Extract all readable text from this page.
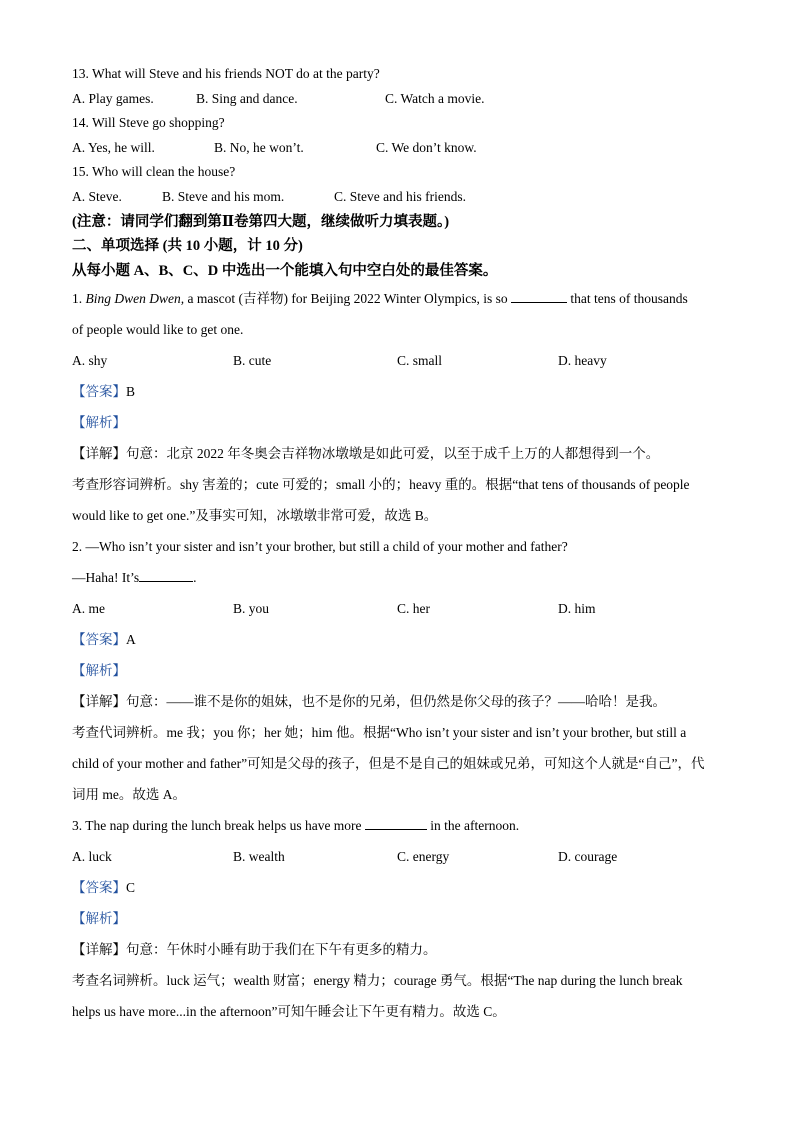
13. What will Steve and his friends NOT do at the party?
A. Play games.	B. Sing and dance.	C. Watch a movie.
14. Will Steve go shopping?
A. Yes, he will.	B. No, he won’t.	C. We don’t know.
15. Who will clean the house?
A. Steve.	B. Steve and his mom.	C. Steve and his friends.
(注意：请同学们翻到第Ⅱ卷第四大题，继续做听力填表题。)
二、单项选择 (共 10 小题，计 10 分)
从每小题 A、B、C、D 中选出一个能填入句中空白处的最佳答案。
1. Bing Dwen Dwen, a mascot (吉祥物) for Beijing 2022 Winter Olympics, is so	that tens of thousands
of people would like to get one.
A. shy	B. cute	C. small	D. heavy
【答案】B
【解析】
【详解】句意：北京 2022 年冬奥会吉祥物冰墩墩是如此可爱，以至于成千上万的人都想得到一个。
考查形容词辨析。shy 害羞的；cute 可爱的；small 小的；heavy 重的。根据“that tens of thousands of people
would like to get one.”及事实可知，冰墩墩非常可爱，故选 B。
2. —Who isn’t your sister and isn’t your brother, but still a child of your mother and father?
—Haha! It’s	.
A. me	B. you	C. her	D. him
【答案】A
【解析】
【详解】句意：——谁不是你的姐妹，也不是你的兄弟，但仍然是你父母的孩子？——哈哈！是我。
考查代词辨析。me 我；you 你；her 她；him 他。根据“Who isn’t your sister and isn’t your brother, but still a
child of your mother and father”可知是父母的孩子，但是不是自己的姐妹或兄弟，可知这个人就是“自己”，代
词用 me。故选 A。
3. The nap during the lunch break helps us have more	in the afternoon.
A. luck	B. wealth	C. energy	D. courage
【答案】C
【解析】
【详解】句意：午休时小睡有助于我们在下午有更多的精力。
考查名词辨析。luck 运气；wealth 财富；energy 精力；courage 勇气。根据“The nap during the lunch break
helps us have more...in the afternoon”可知午睡会让下午更有精力。故选 C。
